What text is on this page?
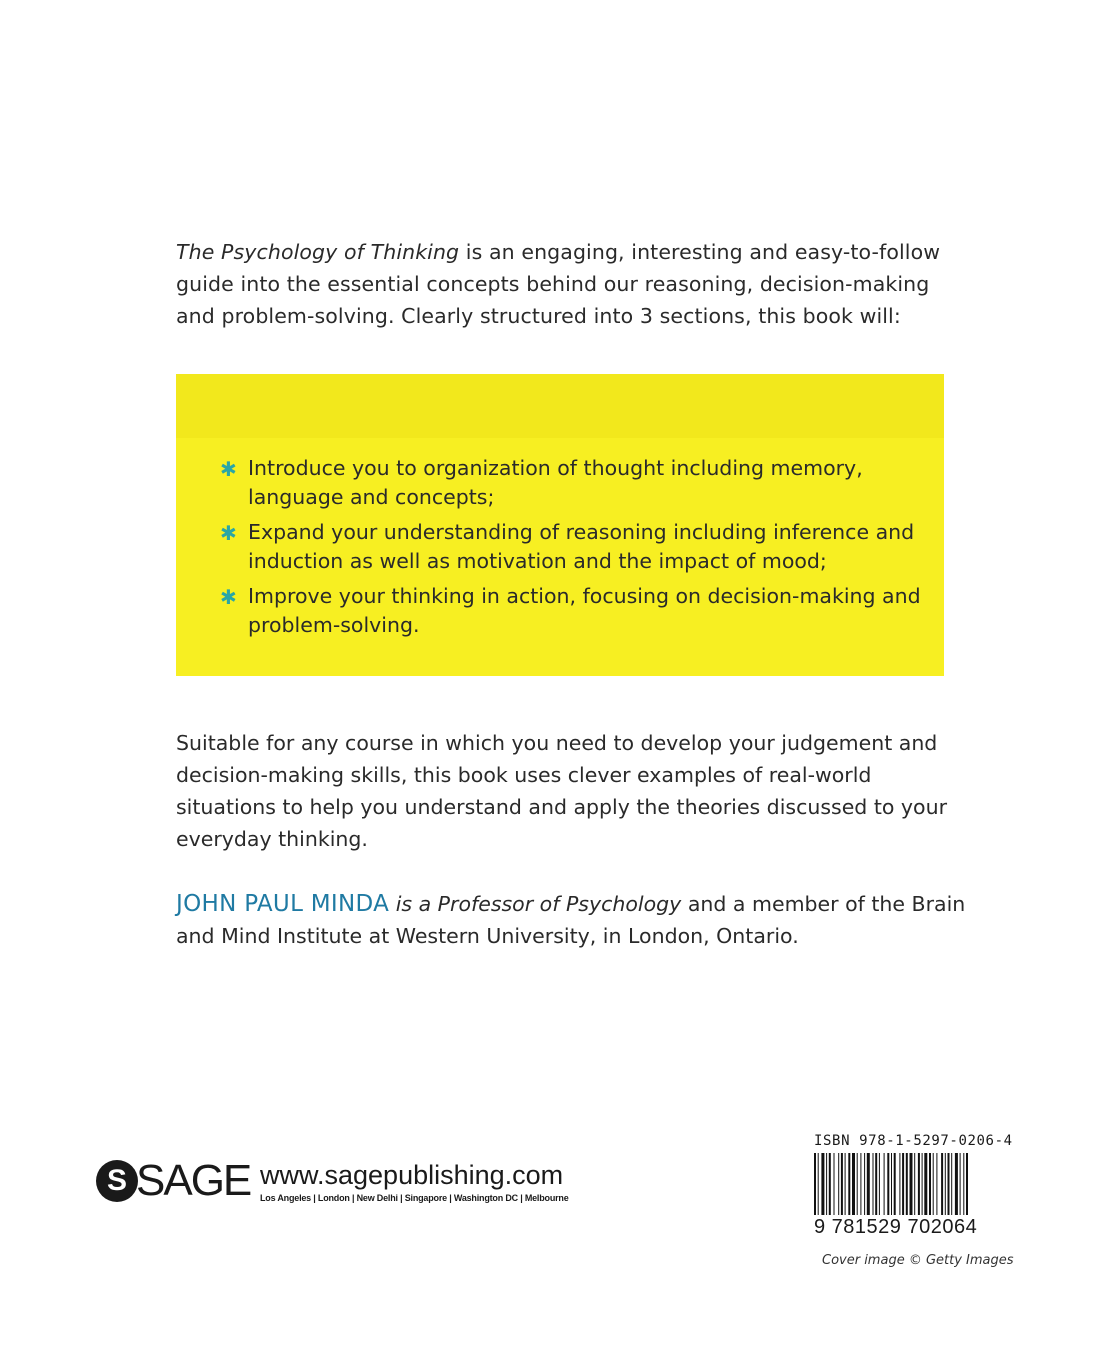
The Psychology of Thinking is an engaging, interesting and easy-to-follow guide into the essential concepts behind our reasoning, decision-making and problem-solving. Clearly structured into 3 sections, this book will:

✱ Introduce you to organization of thought including memory, language and concepts;
✱ Expand your understanding of reasoning including inference and induction as well as motivation and the impact of mood;
✱ Improve your thinking in action, focusing on decision-making and problem-solving.

Suitable for any course in which you need to develop your judgement and decision-making skills, this book uses clever examples of real-world situations to help you understand and apply the theories discussed to your everyday thinking.

JOHN PAUL MINDA is a Professor of Psychology and a member of the Brain and Mind Institute at Western University, in London, Ontario.

S SAGE www.sagepublishing.com
Los Angeles | London | New Delhi | Singapore | Washington DC | Melbourne
ISBN 978-1-5297-0206-4
9 781529 702064
Cover image © Getty Images
